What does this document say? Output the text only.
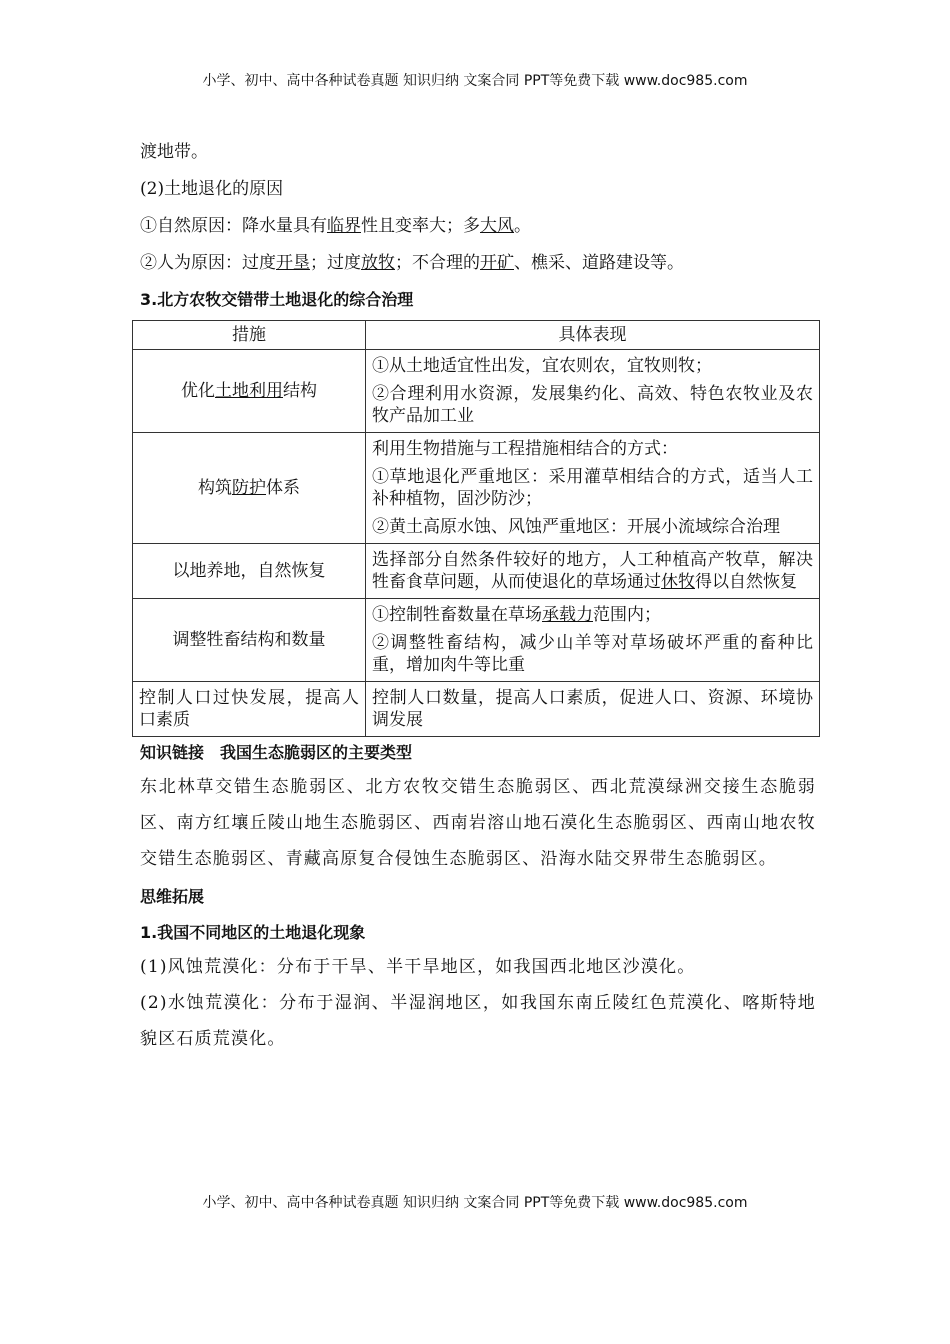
小学、初中、高中各种试卷真题 知识归纳 文案合同 PPT等免费下载 www.doc985.com

渡地带。

(2)土地退化的原因

①自然原因：降水量具有临界性且变率大；多大风。

②人为原因：过度开垦；过度放牧；不合理的开矿、樵采、道路建设等。

3.北方农牧交错带土地退化的综合治理

措施	具体表现
优化土地利用结构	①从土地适宜性出发，宜农则农，宜牧则牧；

②合理利用水资源，发展集约化、高效、特色农牧业及农牧产品加工业

构筑防护体系	利用生物措施与工程措施相结合的方式：

①草地退化严重地区：采用灌草相结合的方式，适当人工补种植物，固沙防沙；

②黄土高原水蚀、风蚀严重地区：开展小流域综合治理

以地养地，自然恢复	选择部分自然条件较好的地方，人工种植高产牧草，解决牲畜食草问题，从而使退化的草场通过休牧得以自然恢复

调整牲畜结构和数量	①控制牲畜数量在草场承载力范围内；

②调整牲畜结构，减少山羊等对草场破坏严重的畜种比重，增加肉牛等比重

控制人口过快发展，提高人口素质	控制人口数量，提高人口素质，促进人口、资源、环境协调发展

知识链接　我国生态脆弱区的主要类型

东北林草交错生态脆弱区、北方农牧交错生态脆弱区、西北荒漠绿洲交接生态脆弱区、南方红壤丘陵山地生态脆弱区、西南岩溶山地石漠化生态脆弱区、西南山地农牧交错生态脆弱区、青藏高原复合侵蚀生态脆弱区、沿海水陆交界带生态脆弱区。

思维拓展

1.我国不同地区的土地退化现象

(1)风蚀荒漠化：分布于干旱、半干旱地区，如我国西北地区沙漠化。

(2)水蚀荒漠化：分布于湿润、半湿润地区，如我国东南丘陵红色荒漠化、喀斯特地貌区石质荒漠化。

小学、初中、高中各种试卷真题 知识归纳 文案合同 PPT等免费下载 www.doc985.com
